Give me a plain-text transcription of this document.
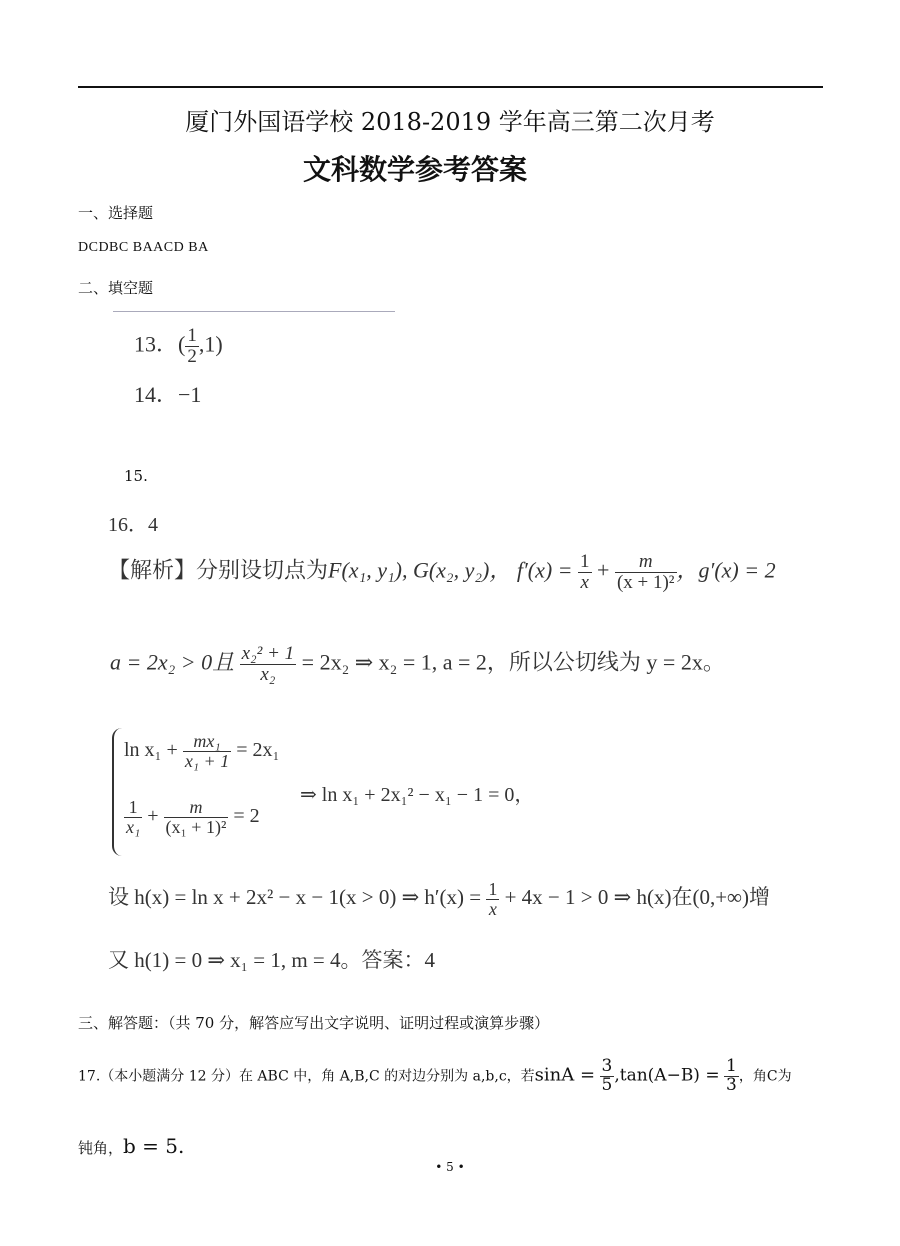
厦门外国语学校 2018-2019 学年高三第二次月考
文科数学参考答案
一、选择题
DCDBC BAACD BA
二、填空题
13．( $\frac{1}{2} ,1$)
14．−1
15.
16．4
【解析】分别设切点为F(x₁, y₁), G(x₂, y₂)， $f'(x) = \frac{1}{x} + \frac{m}{\text{(x + 1)²}}$ ，g′(x) = 2
a = 2x₂ > 0且 $\frac{\text{x₂² + 1}}{\text{x₂}} = 2x_2$ ⇒ x₂ = 1, a = 2，所以公切线为 y = 2x。
$\ln x_1 + \frac{\text{mx₁}}{\text{x₁ + 1}} = 2x_1$
$\frac{1}{\text{x₁}} + \frac{m}{\text{(x₁ + 1)²}} = 2$
⇒ ln x₁ + 2x₁² − x₁ − 1 = 0，
设 h(x) = ln x + 2x² − x − 1(x > 0) ⇒ $h'(x) = \frac{1}{x} + 4x - 1 > 0$ ⇒ h(x)在(0,+∞)增
又 h(1) = 0 ⇒ x₁ = 1, m = 4。答案：4
三、解答题：（共 70 分，解答应写出文字说明、证明过程或演算步骤）
17.（本小题满分 12 分）在 ABC 中，角 A,B,C 的对边分别为 a,b,c，若$\sin A = \frac{3}{5} ,\tan(A-B) = \frac{1}{3}$ ，角C为
钝角，b = 5.
• 5 •
